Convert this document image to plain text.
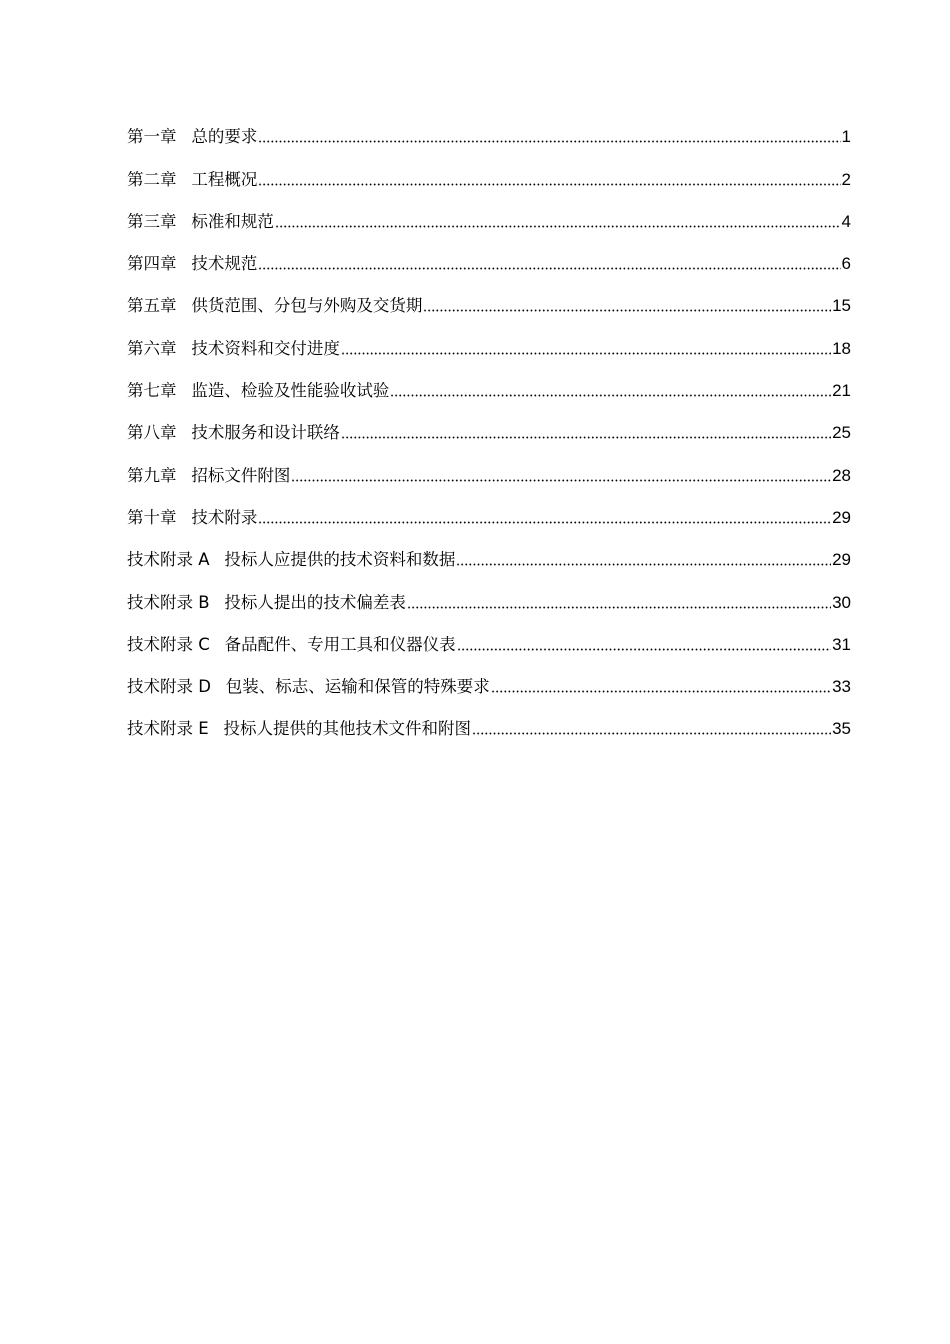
第一章 总的要求	1
第二章 工程概况	2
第三章 标准和规范	4
第四章 技术规范	6
第五章 供货范围、分包与外购及交货期	15
第六章 技术资料和交付进度	18
第七章 监造、检验及性能验收试验	21
第八章 技术服务和设计联络	25
第九章 招标文件附图	28
第十章 技术附录	29
技术附录 A 投标人应提供的技术资料和数据	29
技术附录 B 投标人提出的技术偏差表	30
技术附录 C 备品配件、专用工具和仪器仪表	31
技术附录 D 包装、标志、运输和保管的特殊要求	33
技术附录 E 投标人提供的其他技术文件和附图	35
